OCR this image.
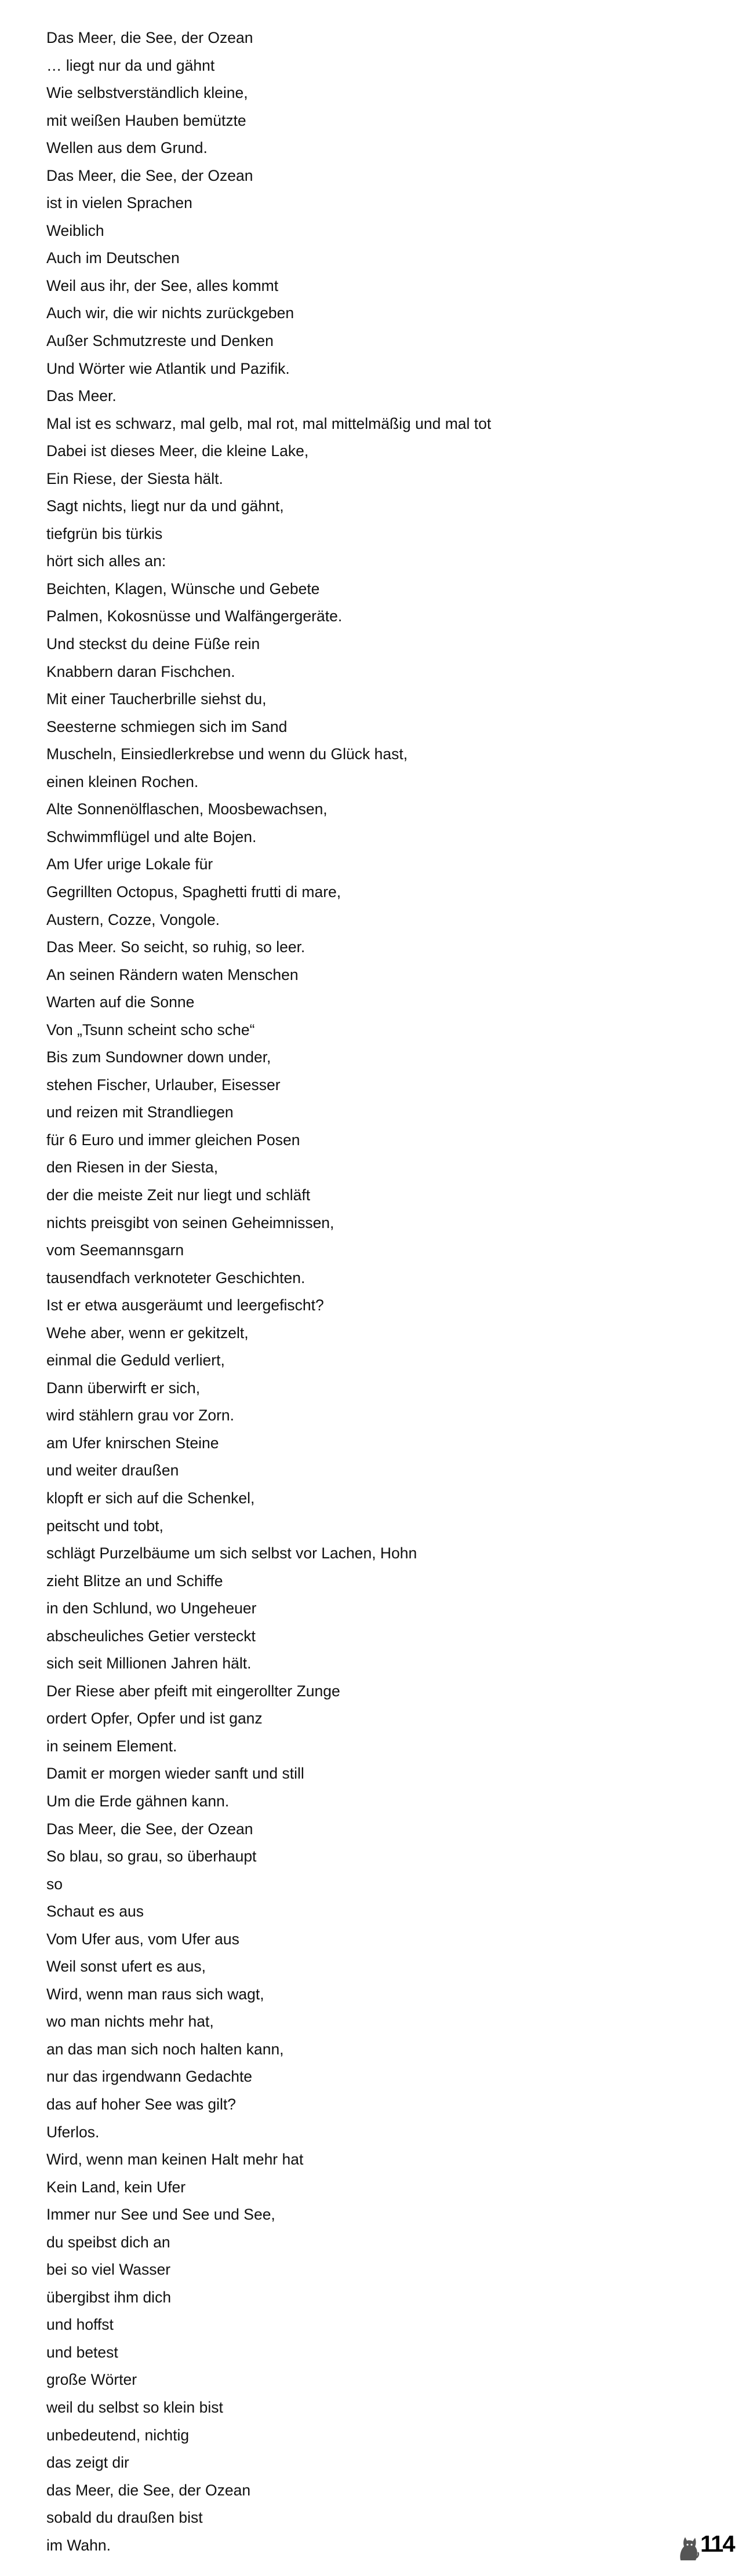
Das Meer, die See, der Ozean
… liegt nur da und gähnt
Wie selbstverständlich kleine,
mit weißen Hauben bemützte
Wellen aus dem Grund.
Das Meer, die See, der Ozean
ist in vielen Sprachen
Weiblich
Auch im Deutschen
Weil aus ihr, der See, alles kommt
Auch wir, die wir nichts zurückgeben
Außer Schmutzreste und Denken
Und Wörter wie Atlantik und Pazifik.
Das Meer.
Mal ist es schwarz, mal gelb, mal rot, mal mittelmäßig und mal tot
Dabei ist dieses Meer, die kleine Lake,
Ein Riese, der Siesta hält.
Sagt nichts, liegt nur da und gähnt,
tiefgrün bis türkis
hört sich alles an:
Beichten, Klagen, Wünsche und Gebete
Palmen, Kokosnüsse und Walfängergeräte.
Und steckst du deine Füße rein
Knabbern daran Fischchen.
Mit einer Taucherbrille siehst du,
Seesterne schmiegen sich im Sand
Muscheln, Einsiedlerkrebse und wenn du Glück hast,
einen kleinen Rochen.
Alte Sonnenölflaschen, Moosbewachsen,
Schwimmflügel und alte Bojen.
Am Ufer urige Lokale für
Gegrillten Octopus, Spaghetti frutti di mare,
Austern, Cozze, Vongole.
Das Meer. So seicht, so ruhig, so leer.
An seinen Rändern waten Menschen
Warten auf die Sonne
Von „Tsunn scheint scho sche“
Bis zum Sundowner down under,
stehen Fischer, Urlauber, Eisesser
und reizen mit Strandliegen
für 6 Euro und immer gleichen Posen
den Riesen in der Siesta,
der die meiste Zeit nur liegt und schläft
nichts preisgibt von seinen Geheimnissen,
vom Seemannsgarn
tausendfach verknoteter Geschichten.
Ist er etwa ausgeräumt und leergefischt?
Wehe aber, wenn er gekitzelt,
einmal die Geduld verliert,
Dann überwirft er sich,
wird stählern grau vor Zorn.
am Ufer knirschen Steine
und weiter draußen
klopft er sich auf die Schenkel,
peitscht und tobt,
schlägt Purzelbäume um sich selbst vor Lachen, Hohn
zieht Blitze an und Schiffe
in den Schlund, wo Ungeheuer
abscheuliches Getier versteckt
sich seit Millionen Jahren hält.
Der Riese aber pfeift mit eingerollter Zunge
ordert Opfer, Opfer und ist ganz
in seinem Element.
Damit er morgen wieder sanft und still
Um die Erde gähnen kann.
Das Meer, die See, der Ozean
So blau, so grau, so überhaupt
so
Schaut es aus
Vom Ufer aus, vom Ufer aus
Weil sonst ufert es aus,
Wird, wenn man raus sich wagt,
wo man nichts mehr hat,
an das man sich noch halten kann,
nur das irgendwann Gedachte
das auf hoher See was gilt?
Uferlos.
Wird, wenn man keinen Halt mehr hat
Kein Land, kein Ufer
Immer nur See und See und See,
du speibst dich an
bei so viel Wasser
übergibst ihm dich
und hoffst
und betest
große Wörter
weil du selbst so klein bist
unbedeutend, nichtig
das zeigt dir
das Meer, die See, der Ozean
sobald du draußen bist
im Wahn.	114
